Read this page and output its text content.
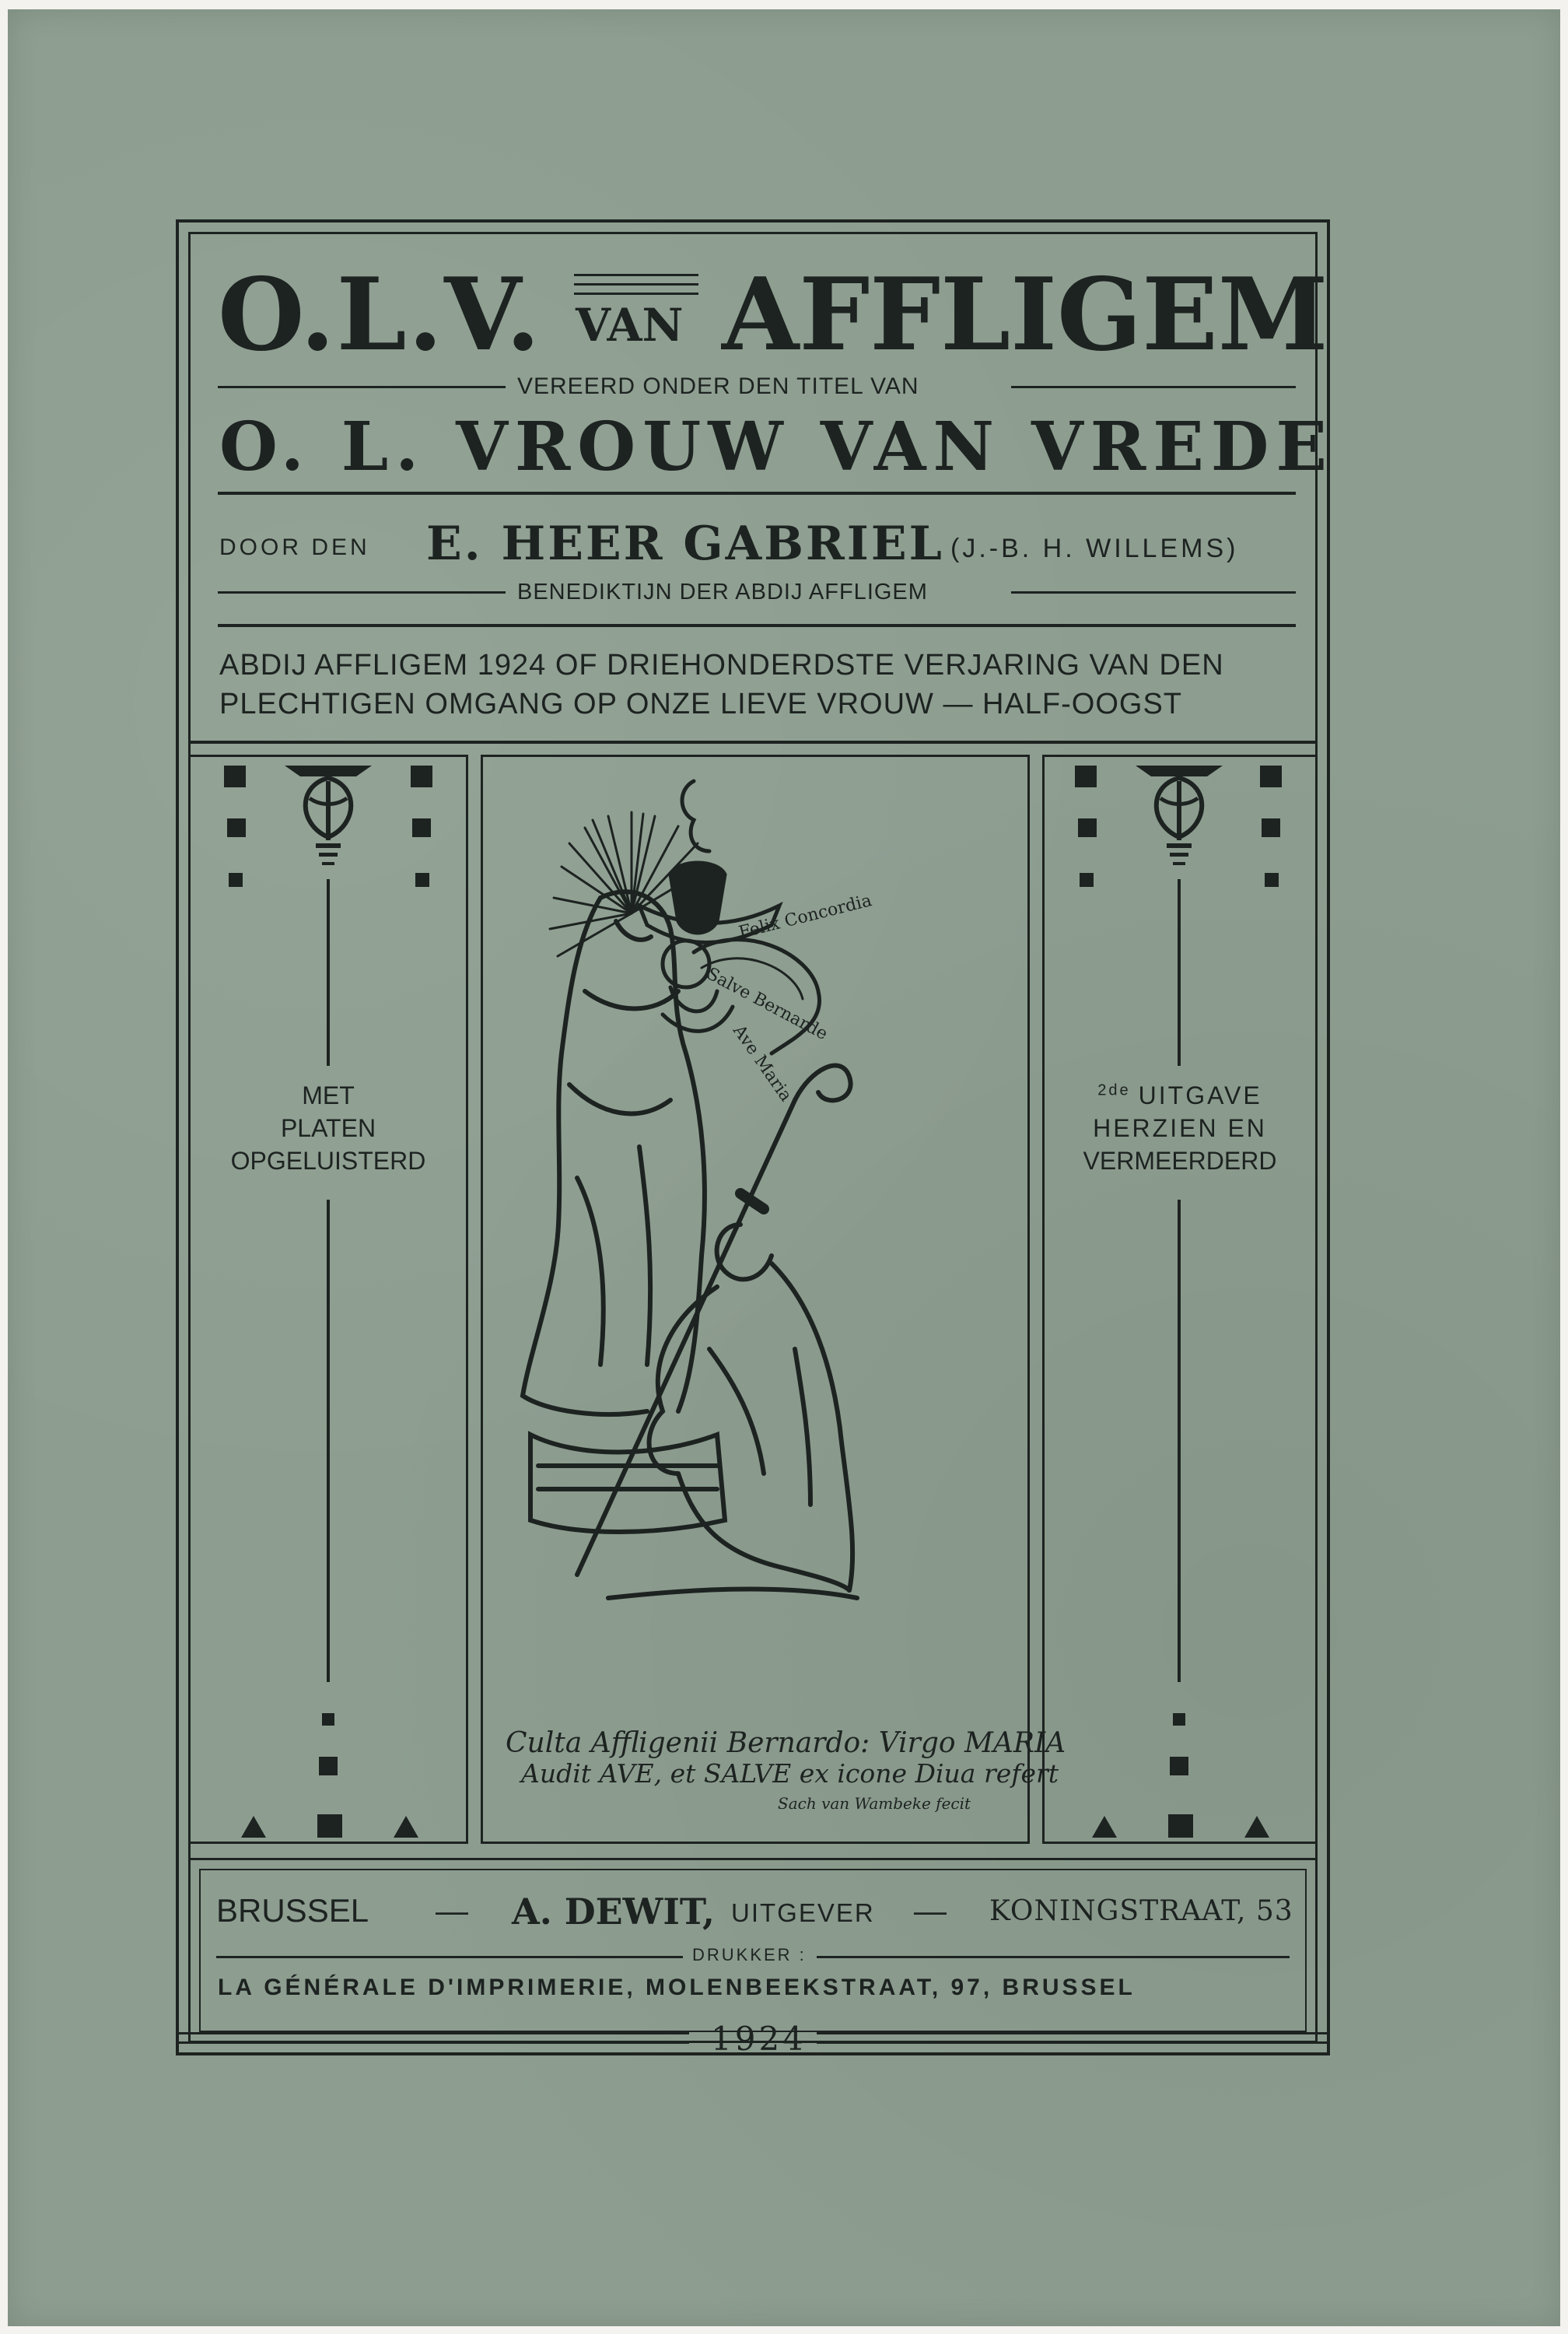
O.L.V. VAN AFFLIGEM
VEREERD ONDER DEN TITEL VAN
O. L. VROUW VAN VREDE
DOOR DEN E. HEER GABRIEL (J.-B. H. WILLEMS)
BENEDIKTIJN DER ABDIJ AFFLIGEM
ABDIJ AFFLIGEM 1924 OF DRIEHONDERDSTE VERJARING VAN DEN
PLECHTIGEN OMGANG OP ONZE LIEVE VROUW — HALF-OOGST
MET
PLATEN
OPGELUISTERD
$^{2de}$ UITGAVE
HERZIEN EN
VERMEERDERD
Felix Concordia
Salve Bernarde
Ave Maria
Culta Affligenii Bernardo: Virgo MARIA
Audit AVE, et SALVE ex icone Diua refert
Sach van Wambeke fecit
BRUSSEL — A. DEWIT, UITGEVER — KONINGSTRAAT, 53
DRUKKER :
LA GÉNÉRALE D'IMPRIMERIE, MOLENBEEKSTRAAT, 97, BRUSSEL
1924
